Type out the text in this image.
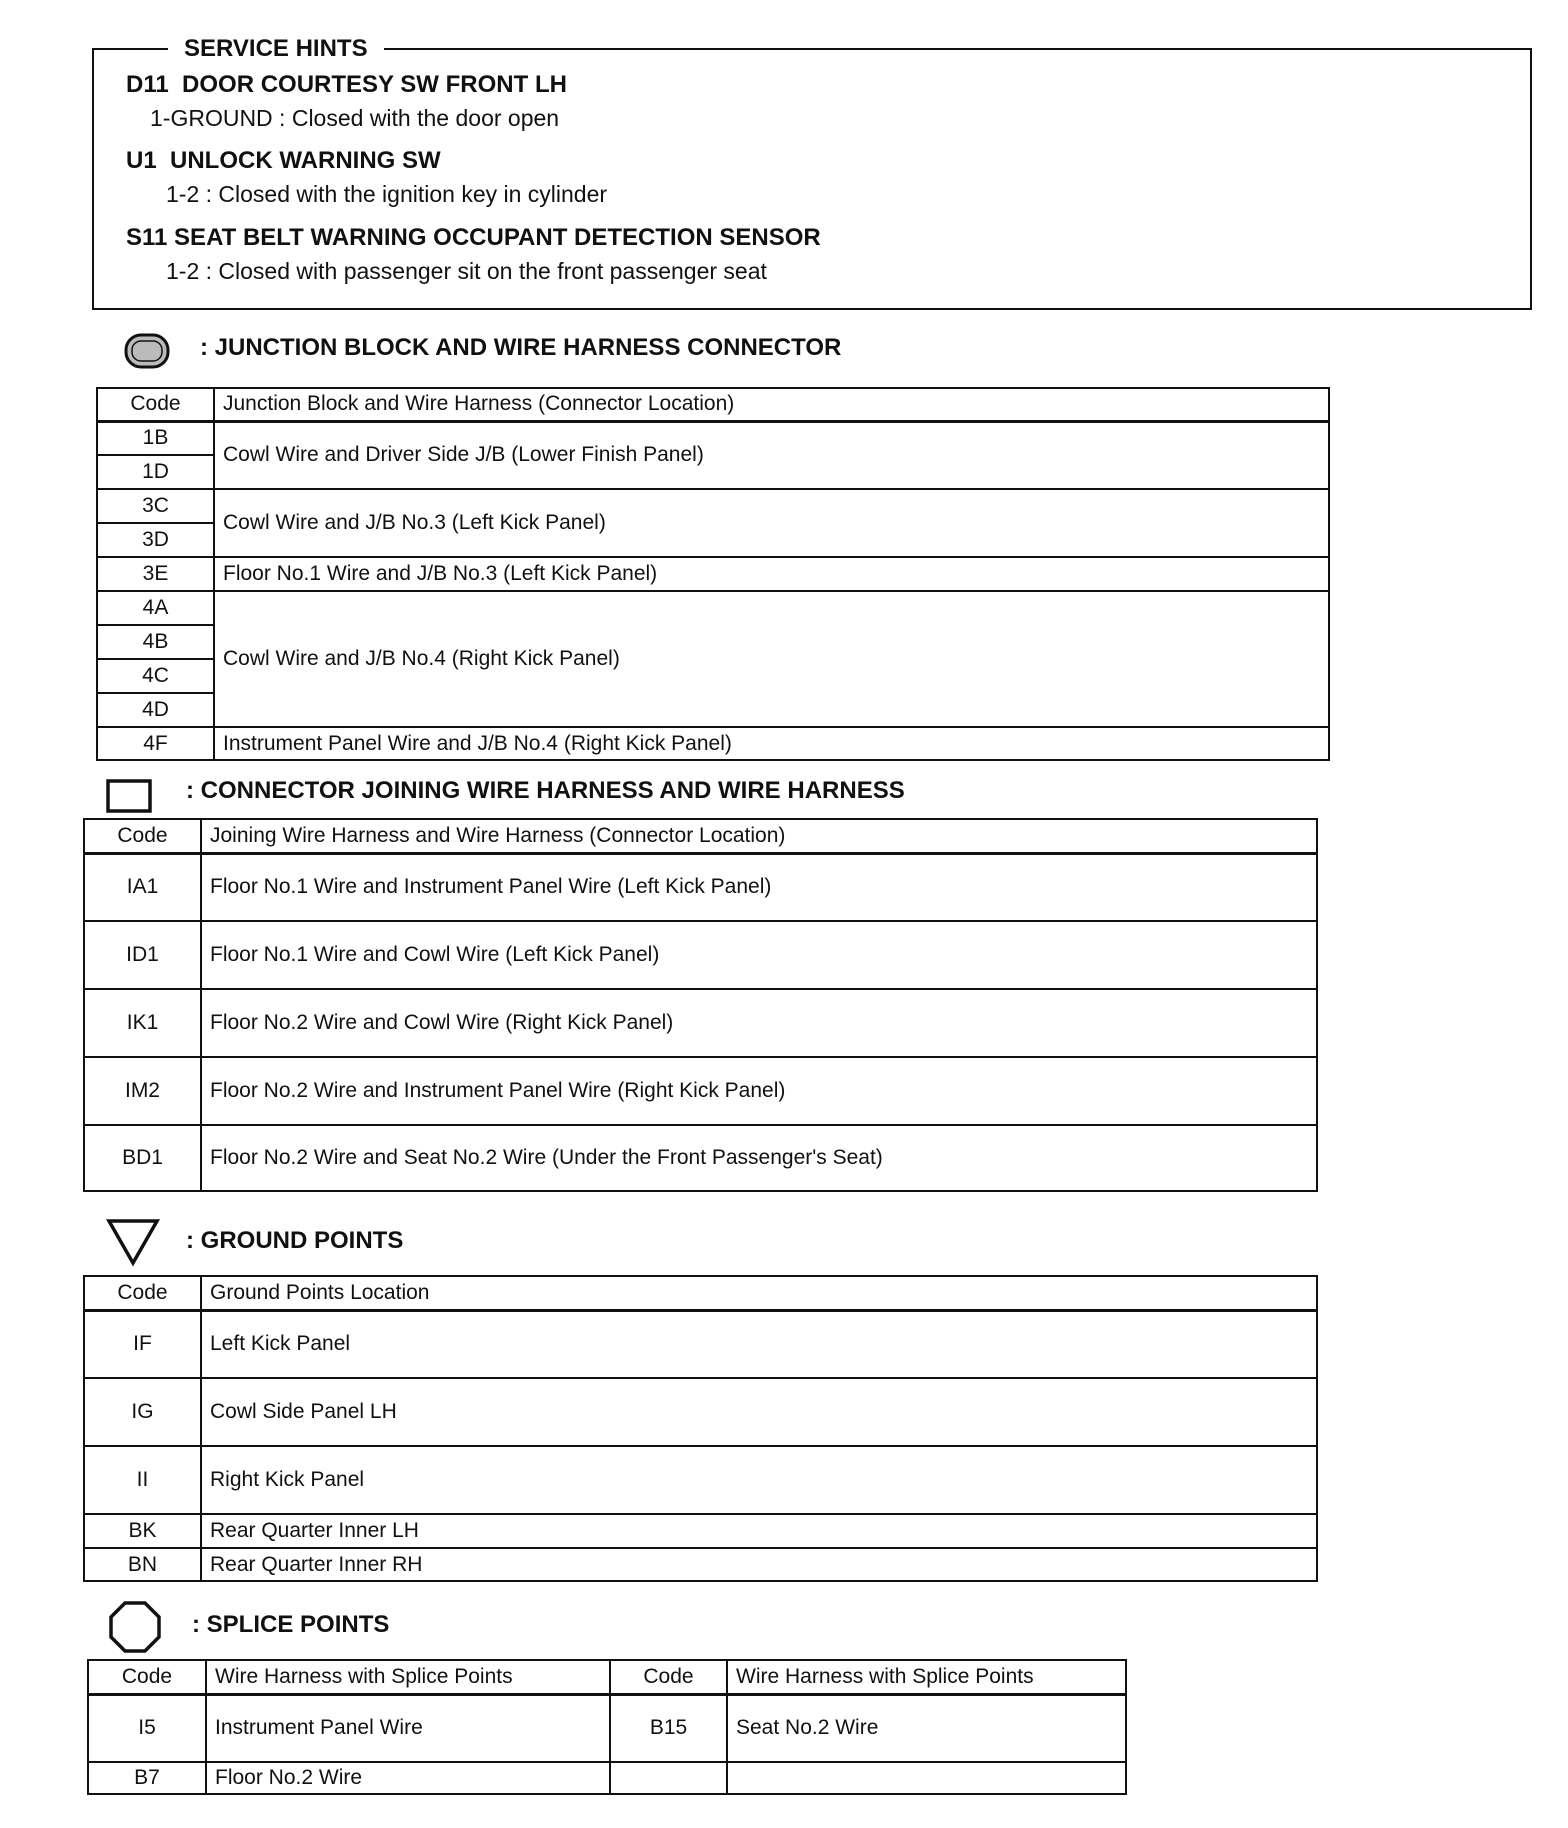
SERVICE HINTS
D11  DOOR COURTESY SW FRONT LH
1-GROUND : Closed with the door open
U1  UNLOCK WARNING SW
1-2 : Closed with the ignition key in cylinder
S11 SEAT BELT WARNING OCCUPANT DETECTION SENSOR
1-2 : Closed with passenger sit on the front passenger seat
: JUNCTION BLOCK AND WIRE HARNESS CONNECTOR
Code	Junction Block and Wire Harness (Connector Location)
1B	Cowl Wire and Driver Side J/B (Lower Finish Panel)
1D	
3C	Cowl Wire and J/B No.3 (Left Kick Panel)
3D	
3E	Floor No.1 Wire and J/B No.3 (Left Kick Panel)
4A	Cowl Wire and J/B No.4 (Right Kick Panel)
4B	
4C	
4D	
4F	Instrument Panel Wire and J/B No.4 (Right Kick Panel)
: CONNECTOR JOINING WIRE HARNESS AND WIRE HARNESS
Code	Joining Wire Harness and Wire Harness (Connector Location)
IA1	Floor No.1 Wire and Instrument Panel Wire (Left Kick Panel)
ID1	Floor No.1 Wire and Cowl Wire (Left Kick Panel)
IK1	Floor No.2 Wire and Cowl Wire (Right Kick Panel)
IM2	Floor No.2 Wire and Instrument Panel Wire (Right Kick Panel)
BD1	Floor No.2 Wire and Seat No.2 Wire (Under the Front Passenger's Seat)
: GROUND POINTS
Code	Ground Points Location
IF	Left Kick Panel
IG	Cowl Side Panel LH
II	Right Kick Panel
BK	Rear Quarter Inner LH
BN	Rear Quarter Inner RH
: SPLICE POINTS
Code	Wire Harness with Splice Points	Code	Wire Harness with Splice Points
I5	Instrument Panel Wire	B15	Seat No.2 Wire
B7	Floor No.2 Wire		
